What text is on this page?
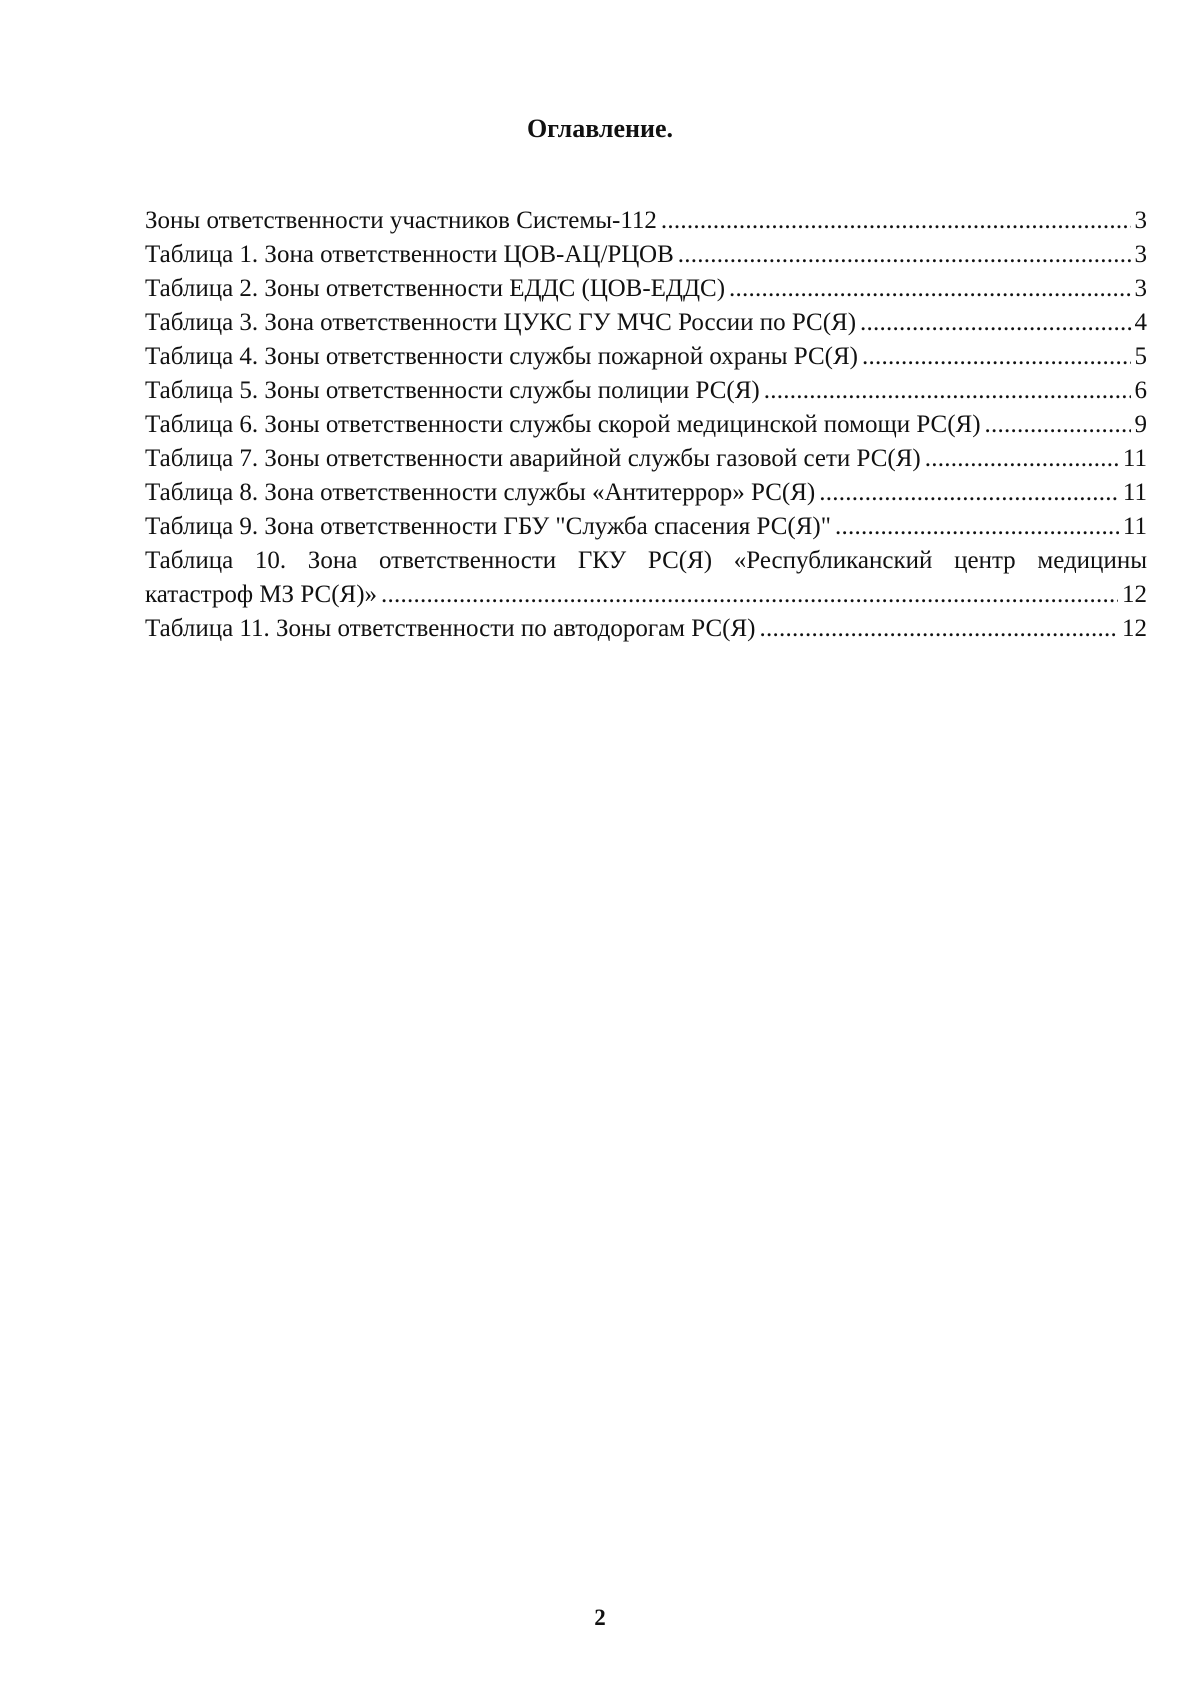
Оглавление.
Зоны ответственности участников Системы-112 . . .	3
Таблица 1. Зона ответственности ЦОВ-АЦ/РЦОВ . . .	3
Таблица 2. Зоны ответственности ЕДДС (ЦОВ-ЕДДС) . . .	3
Таблица 3. Зона ответственности ЦУКС ГУ МЧС России по РС(Я) . . .	4
Таблица 4. Зоны ответственности службы пожарной охраны РС(Я) . . .	5
Таблица 5. Зоны ответственности службы полиции РС(Я) . . .	6
Таблица 6. Зоны ответственности службы скорой медицинской помощи РС(Я) . . .	9
Таблица 7. Зоны ответственности аварийной службы газовой сети РС(Я) . . .	11
Таблица 8. Зона ответственности службы «Антитеррор» РС(Я) . . .	11
Таблица 9. Зона ответственности ГБУ "Служба спасения РС(Я)" . . .	11
Таблица 10. Зона ответственности ГКУ РС(Я) «Республиканский центр медицины
катастроф МЗ РС(Я)» . . .	12
Таблица 11. Зоны ответственности по автодорогам РС(Я) . . .	12
2
